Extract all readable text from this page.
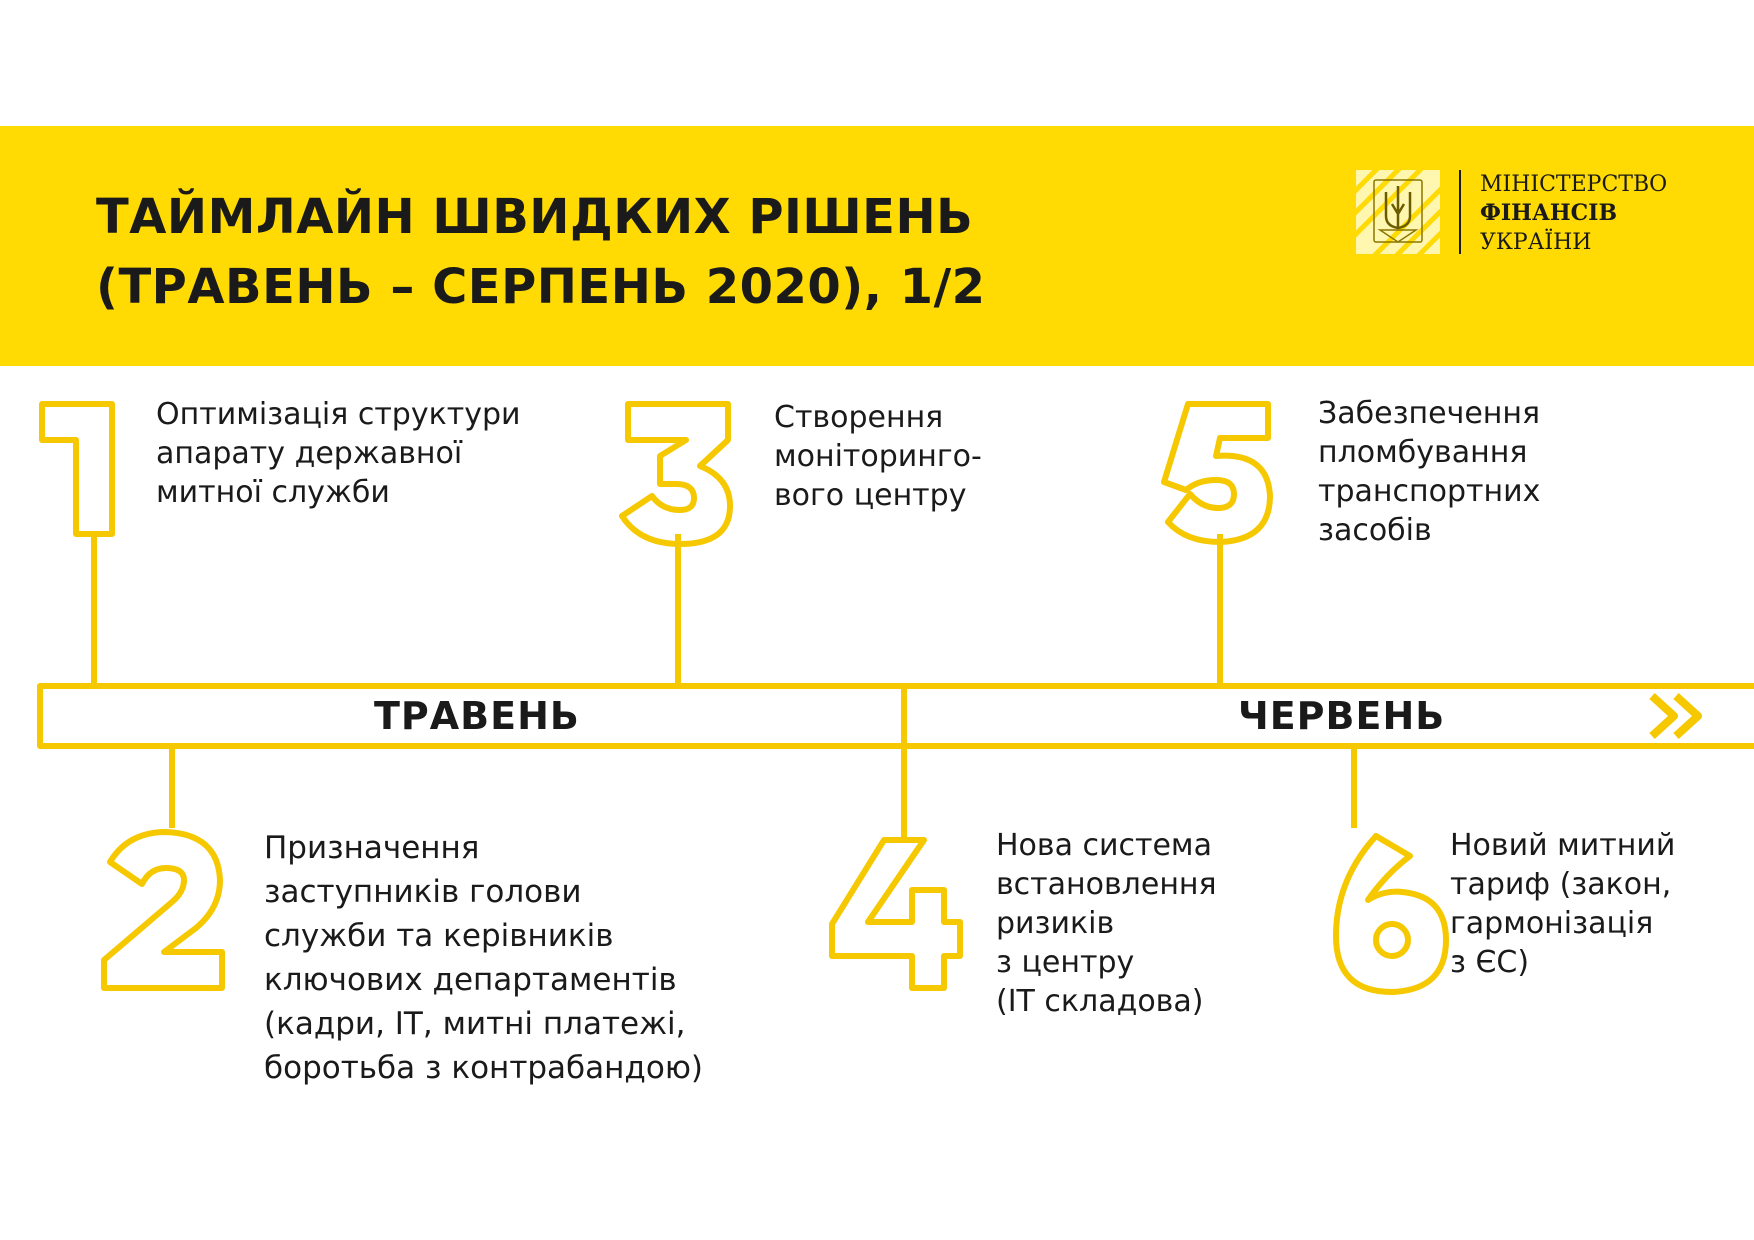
ТАЙМЛАЙН ШВИДКИХ РІШЕНЬ
(ТРАВЕНЬ – СЕРПЕНЬ 2020), 1/2
МІНІСТЕРСТВО
ФІНАНСІВ
УКРАЇНИ
ТРАВЕНЬ	ЧЕРВЕНЬ

Оптимізація структури
апарату державної
митної служби

Створення
моніторинго-
вого центру

Забезпечення
пломбування
транспортних
засобів

Призначення
заступників голови
служби та керівників
ключових департаментів
(кадри, ІТ, митні платежі,
боротьба з контрабандою)

Нова система
встановлення
ризиків
з центру
(IT складова)

Новий митний
тариф (закон,
гармонізація
з ЄС)
